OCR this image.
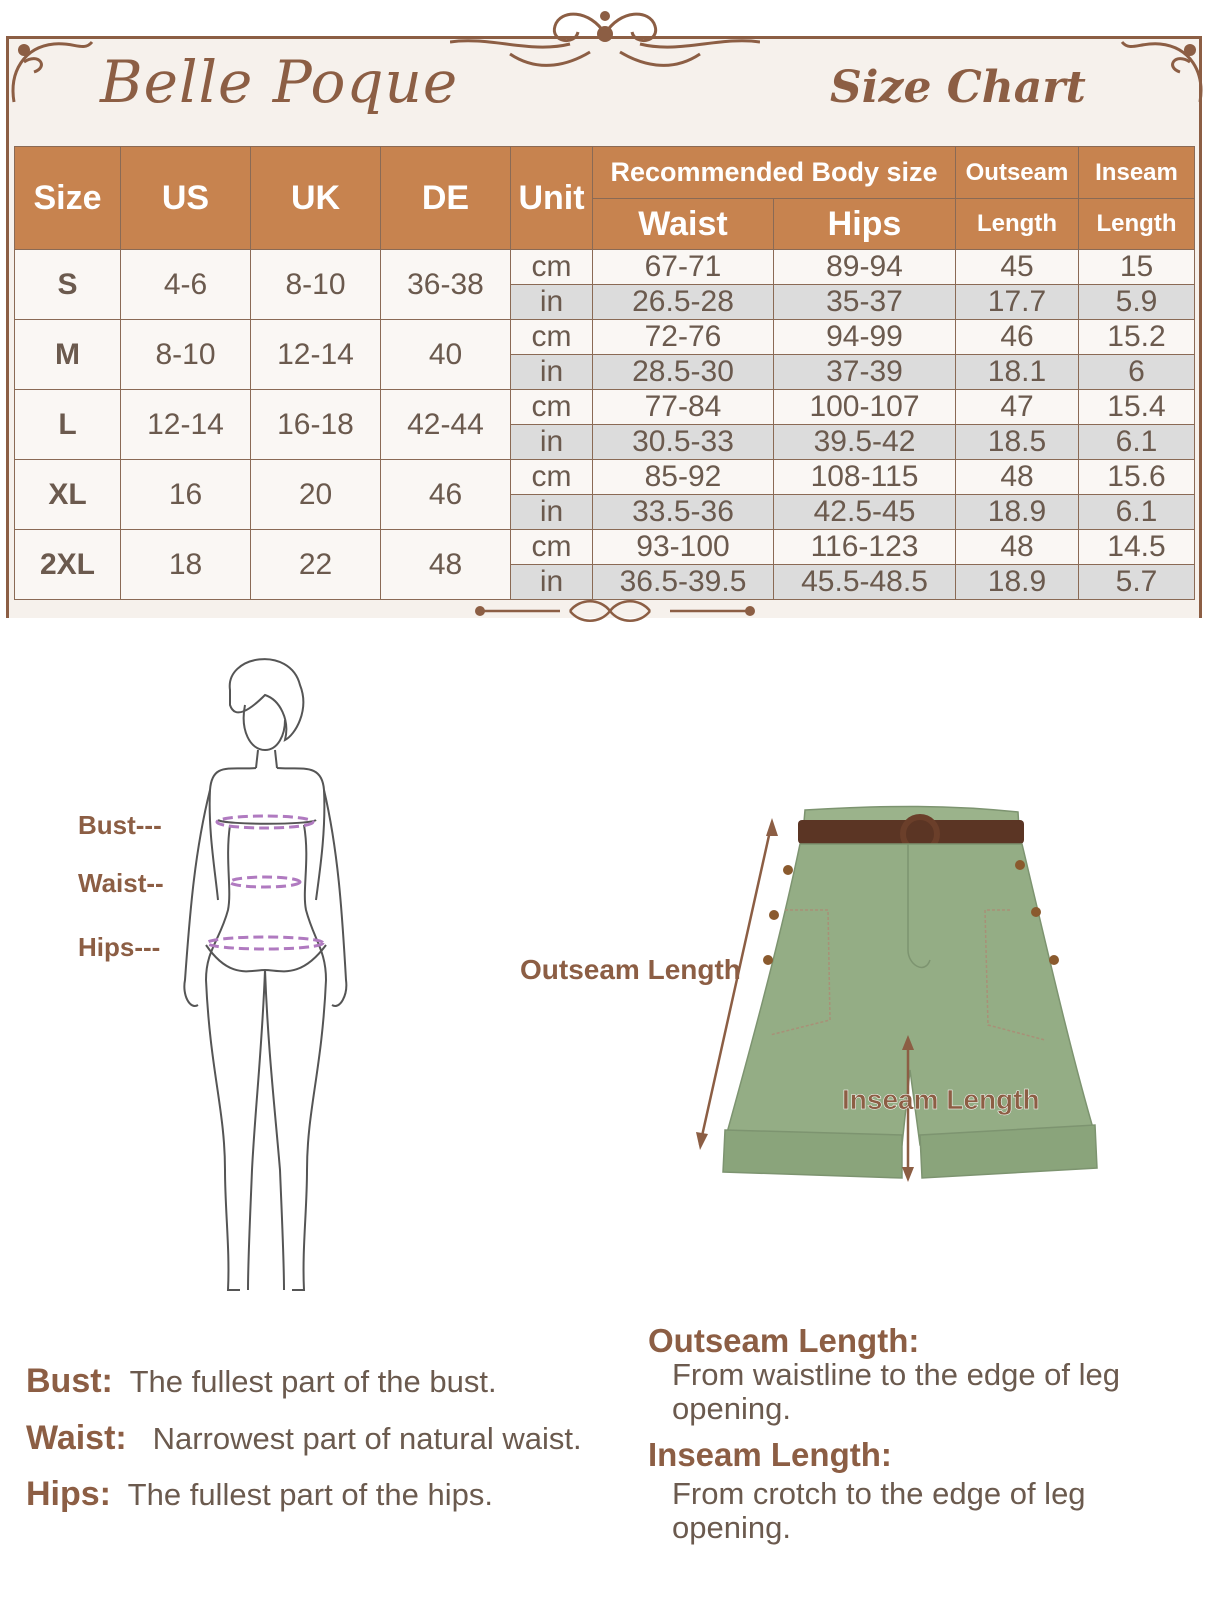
Belle Poque	Size Chart
Size	US	UK	DE	Unit	Recommended Body size		Outseam	Inseam
					Waist	Hips	Length	Length
S	4-6	8-10	36-38	cm	67-71	89-94	45	15
				in	26.5-28	35-37	17.7	5.9
M	8-10	12-14	40	cm	72-76	94-99	46	15.2
				in	28.5-30	37-39	18.1	6
L	12-14	16-18	42-44	cm	77-84	100-107	47	15.4
				in	30.5-33	39.5-42	18.5	6.1
XL	16	20	46	cm	85-92	108-115	48	15.6
				in	33.5-36	42.5-45	18.9	6.1
2XL	18	22	48	cm	93-100	116-123	48	14.5
				in	36.5-39.5	45.5-48.5	18.9	5.7
Bust---
Waist--
Hips---
Outseam Length
Inseam Length
Bust: The fullest part of the bust.
Waist: Narrowest part of natural waist.
Hips: The fullest part of the hips.
Outseam Length:
From waistline to the edge of leg opening.
Inseam Length:
From crotch to the edge of leg opening.
